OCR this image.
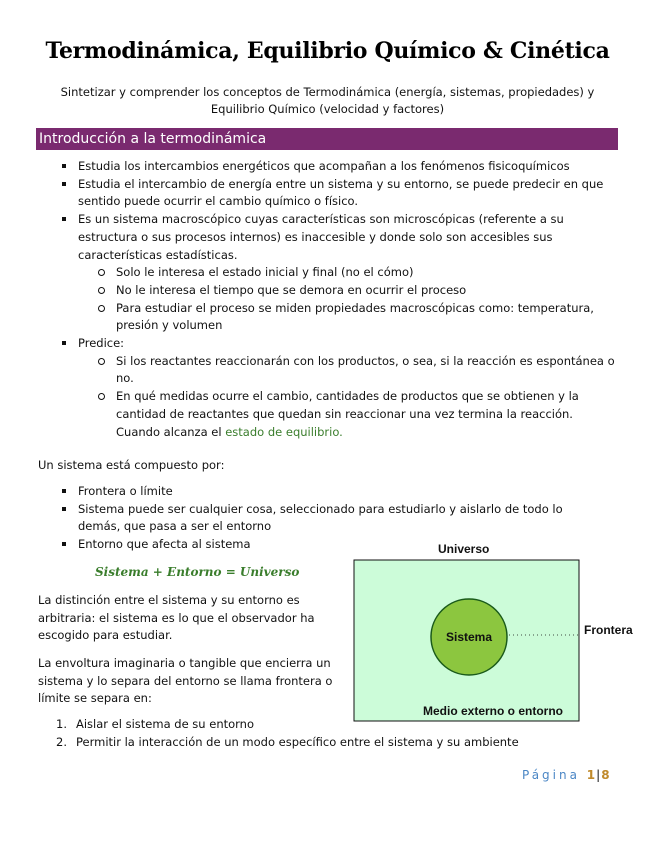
Termodinámica, Equilibrio Químico & Cinética
Sintetizar y comprender los conceptos de Termodinámica (energía, sistemas, propiedades) y Equilibrio Químico (velocidad y factores)
Introducción a la termodinámica
Estudia los intercambios energéticos que acompañan a los fenómenos fisicoquímicos
Estudia el intercambio de energía entre un sistema y su entorno, se puede predecir en que sentido puede ocurrir el cambio químico o físico.
Es un sistema macroscópico cuyas características son microscópicas (referente a su estructura o sus procesos internos) es inaccesible y donde solo son accesibles sus características estadísticas.
Solo le interesa el estado inicial y final (no el cómo)
No le interesa el tiempo que se demora en ocurrir el proceso
Para estudiar el proceso se miden propiedades macroscópicas como: temperatura, presión y volumen
Predice:
Si los reactantes reaccionarán con los productos, o sea, si la reacción es espontánea o no.
En qué medidas ocurre el cambio, cantidades de productos que se obtienen y la cantidad de reactantes que quedan sin reaccionar una vez termina la reacción. Cuando alcanza el estado de equilibrio.
Un sistema está compuesto por:
Frontera o límite
Sistema puede ser cualquier cosa, seleccionado para estudiarlo y aislarlo de todo lo demás, que pasa a ser el entorno
Entorno que afecta al sistema
Sistema + Entorno = Universo
La distinción entre el sistema y su entorno es arbitraria: el sistema es lo que el observador ha escogido para estudiar.
La envoltura imaginaria o tangible que encierra un sistema y lo separa del entorno se llama frontera o límite se separa en:
1. Aislar el sistema de su entorno
2. Permitir la interacción de un modo específico entre el sistema y su ambiente
Universo
Sistema	Frontera
Medio externo o entorno
Página 1|8
